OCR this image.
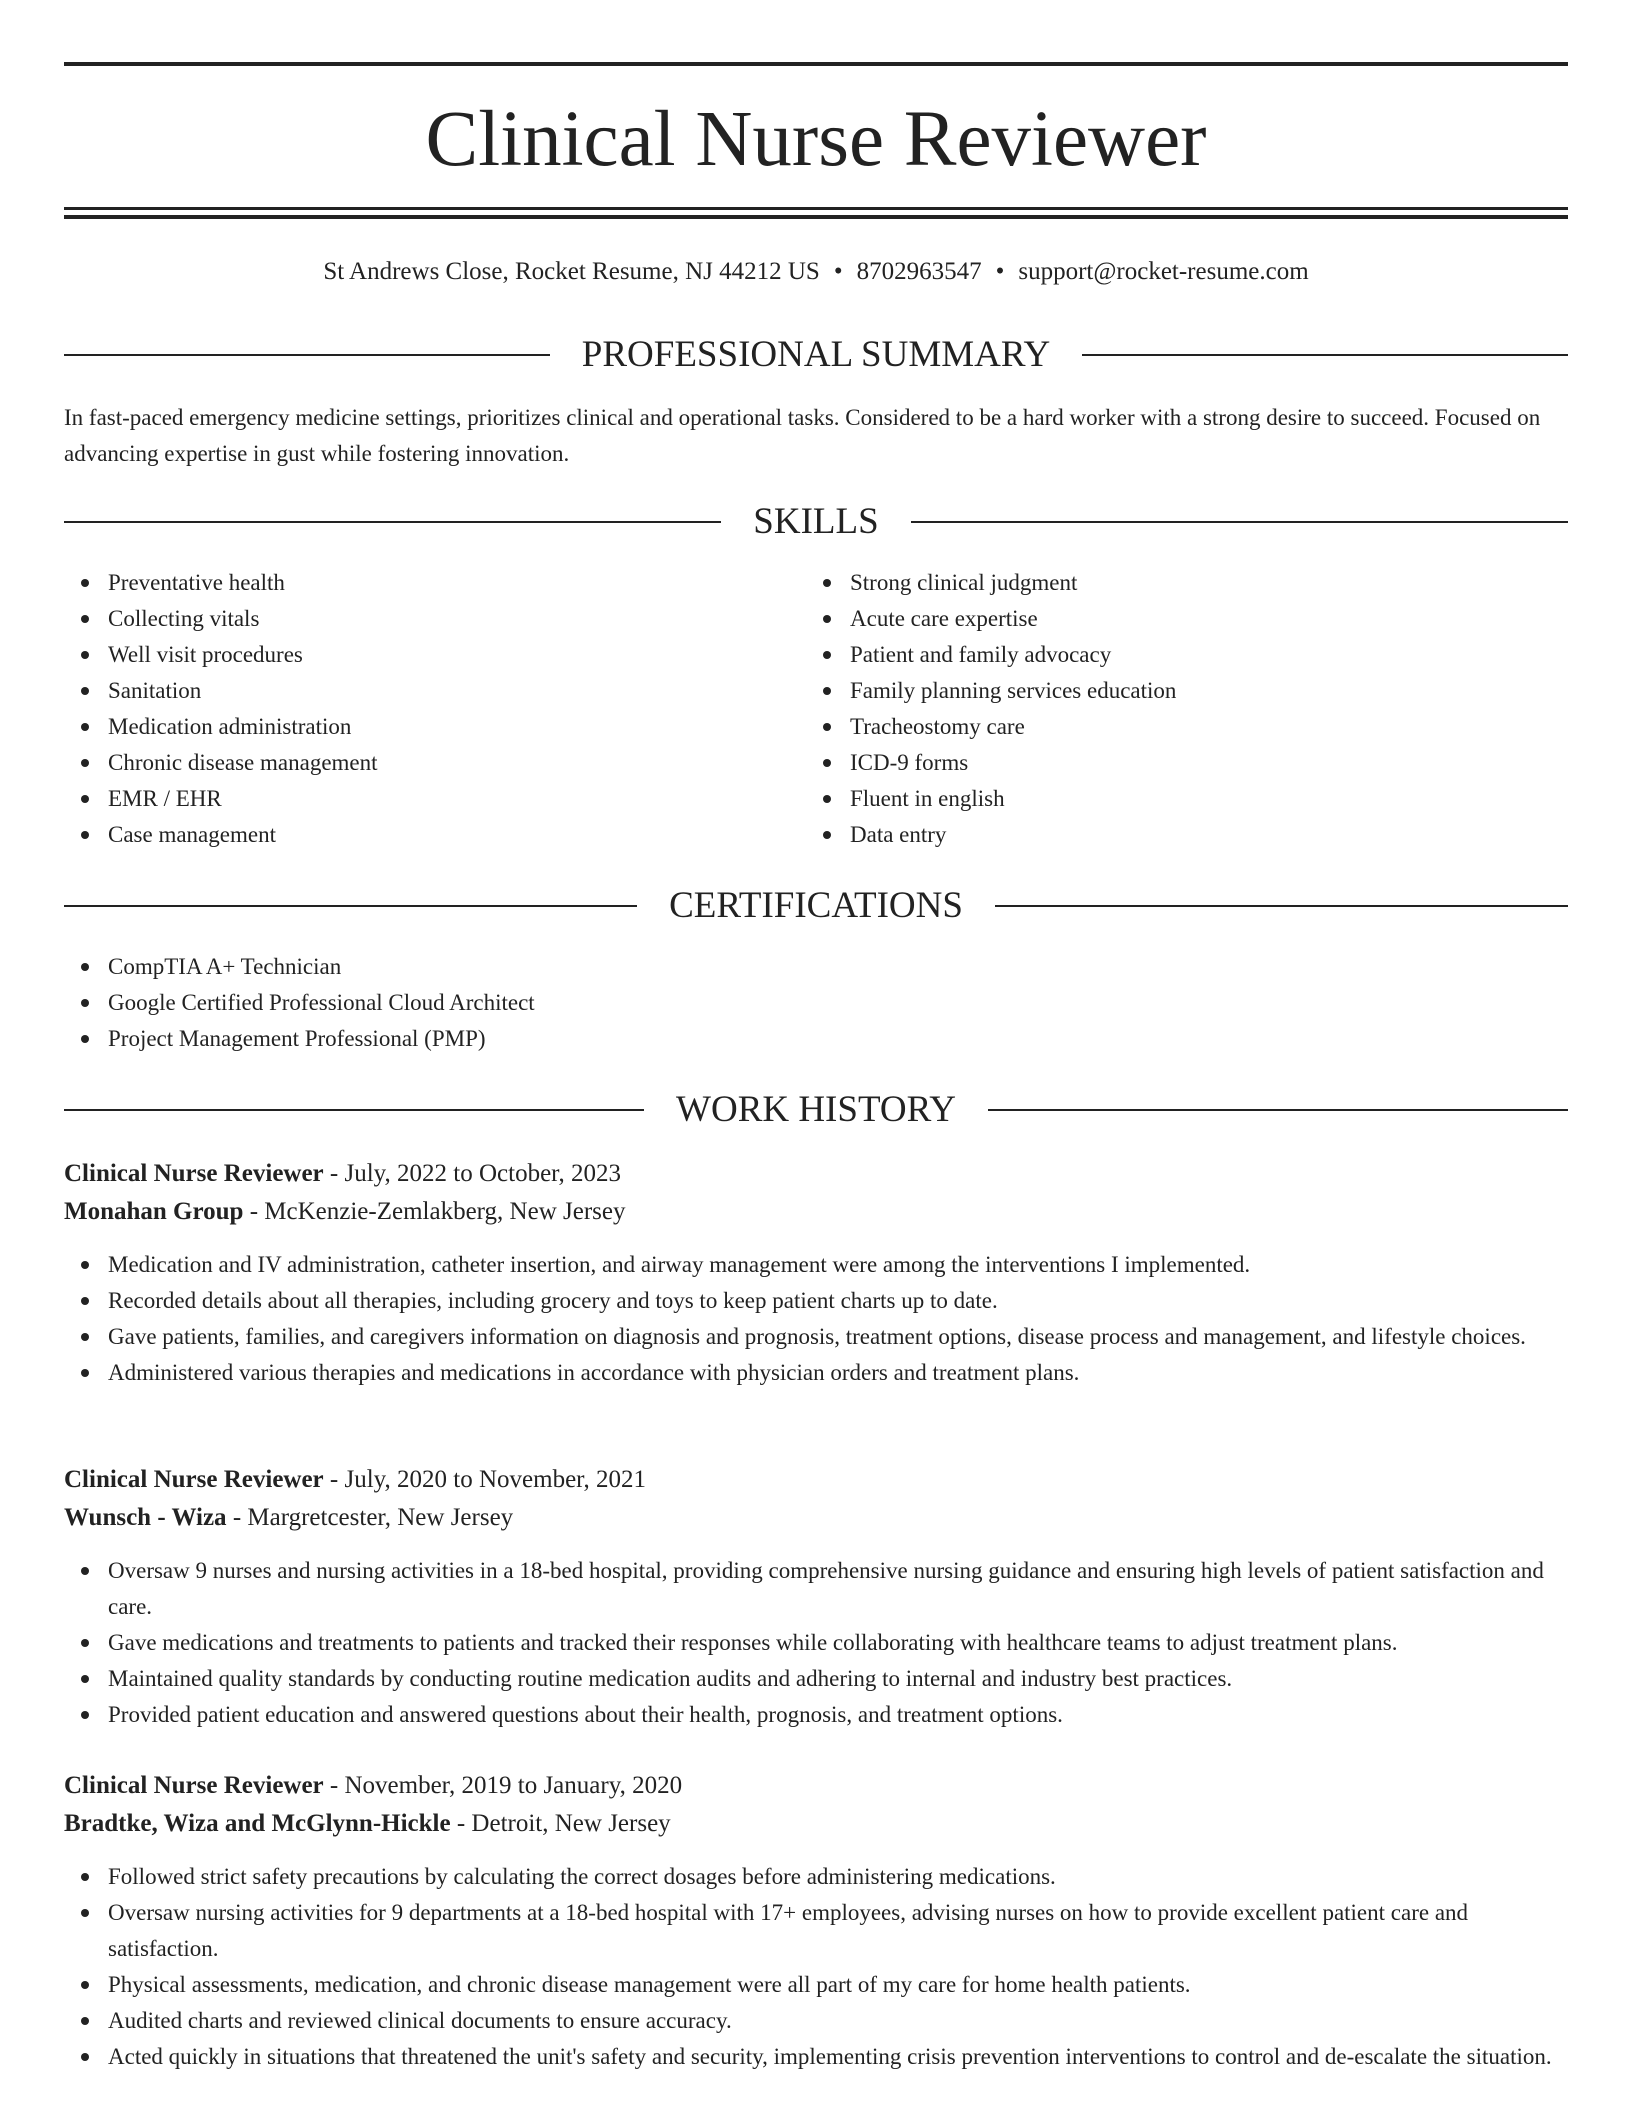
Clinical Nurse Reviewer
St Andrews Close, Rocket Resume, NJ 44212 US • 8702963547 • support@rocket-resume.com
PROFESSIONAL SUMMARY
In fast-paced emergency medicine settings, prioritizes clinical and operational tasks. Considered to be a hard worker with a strong desire to succeed. Focused on advancing expertise in gust while fostering innovation.
SKILLS
Preventative health
Collecting vitals
Well visit procedures
Sanitation
Medication administration
Chronic disease management
EMR / EHR
Case management
Strong clinical judgment
Acute care expertise
Patient and family advocacy
Family planning services education
Tracheostomy care
ICD-9 forms
Fluent in english
Data entry
CERTIFICATIONS
CompTIA A+ Technician
Google Certified Professional Cloud Architect
Project Management Professional (PMP)
WORK HISTORY
Clinical Nurse Reviewer - July, 2022 to October, 2023
Monahan Group - McKenzie-Zemlakberg, New Jersey
Medication and IV administration, catheter insertion, and airway management were among the interventions I implemented.
Recorded details about all therapies, including grocery and toys to keep patient charts up to date.
Gave patients, families, and caregivers information on diagnosis and prognosis, treatment options, disease process and management, and lifestyle choices.
Administered various therapies and medications in accordance with physician orders and treatment plans.
Clinical Nurse Reviewer - July, 2020 to November, 2021
Wunsch - Wiza - Margretcester, New Jersey
Oversaw 9 nurses and nursing activities in a 18-bed hospital, providing comprehensive nursing guidance and ensuring high levels of patient satisfaction and care.
Gave medications and treatments to patients and tracked their responses while collaborating with healthcare teams to adjust treatment plans.
Maintained quality standards by conducting routine medication audits and adhering to internal and industry best practices.
Provided patient education and answered questions about their health, prognosis, and treatment options.
Clinical Nurse Reviewer - November, 2019 to January, 2020
Bradtke, Wiza and McGlynn-Hickle - Detroit, New Jersey
Followed strict safety precautions by calculating the correct dosages before administering medications.
Oversaw nursing activities for 9 departments at a 18-bed hospital with 17+ employees, advising nurses on how to provide excellent patient care and satisfaction.
Physical assessments, medication, and chronic disease management were all part of my care for home health patients.
Audited charts and reviewed clinical documents to ensure accuracy.
Acted quickly in situations that threatened the unit's safety and security, implementing crisis prevention interventions to control and de-escalate the situation.
